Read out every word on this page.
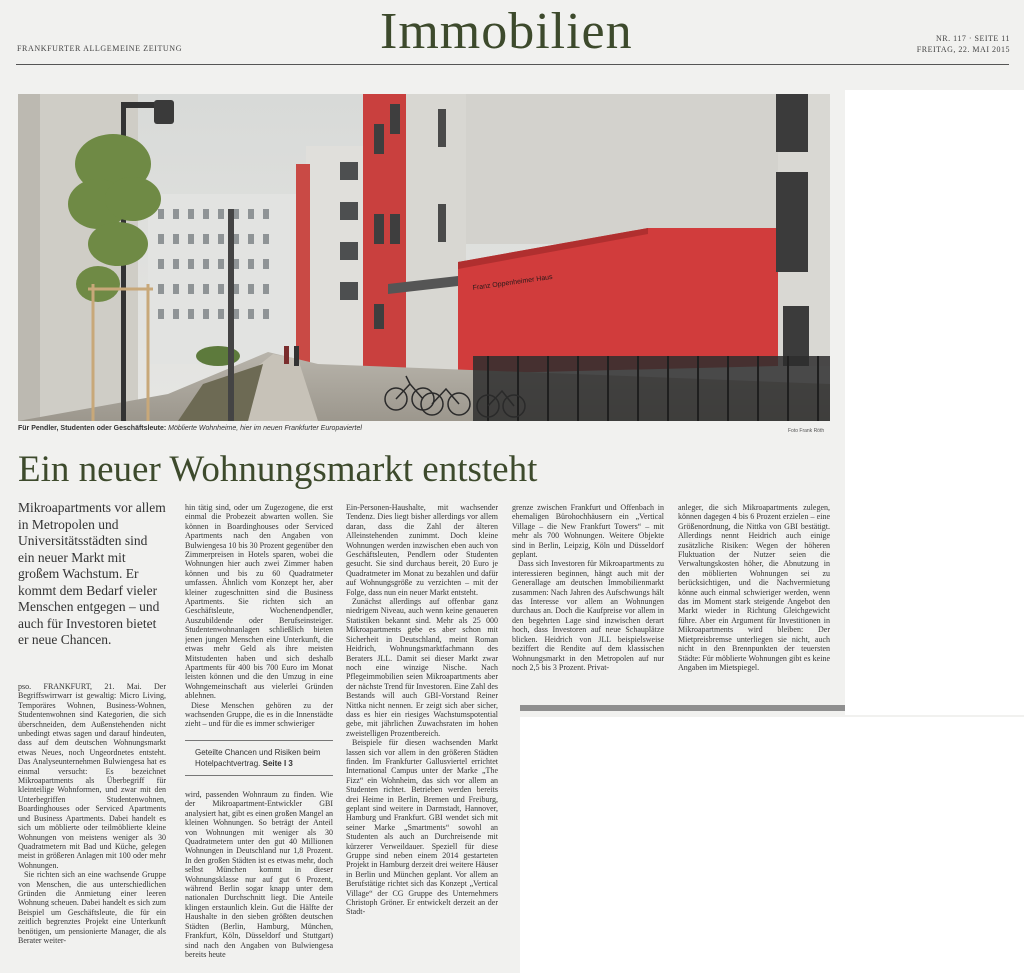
FRANKFURTER ALLGEMEINE ZEITUNG	Immobilien	NR. 117 · SEITE 11
FREITAG, 22. MAI 2015
Franz Oppenheimer Haus
Für Pendler, Studenten oder Geschäftsleute: Möblierte Wohnheime, hier im neuen Frankfurter Europaviertel	Foto Frank Röth
Ein neuer Wohnungsmarkt entsteht
Mikroapartments vor allem in Metropolen und Universitätsstädten sind ein neuer Markt mit großem Wachstum. Er kommt dem Bedarf vieler Menschen entgegen – und auch für Investoren bietet er neue Chancen.

pso. FRANKFURT, 21. Mai. Der Begriffswirrwarr ist gewaltig: Micro Living, Temporäres Wohnen, Business-Wohnen, Studentenwohnen sind Kategorien, die sich überschneiden, dem Außenstehenden nicht unbedingt etwas sagen und darauf hindeuten, dass auf dem deutschen Wohnungsmarkt etwas Neues, noch Ungeordnetes entsteht. Das Analyseunternehmen Bulwiengesa hat es einmal versucht: Es bezeichnet Mikroapartments als Überbegriff für kleinteilige Wohnformen, und zwar mit den Unterbegriffen Studentenwohnen, Boardinghouses oder Serviced Apartments und Business Apartments. Dabei handelt es sich um möblierte oder teilmöblierte kleine Wohnungen von meistens weniger als 30 Quadratmetern mit Bad und Küche, gelegen meist in größeren Anlagen mit 100 oder mehr Wohnungen.

Sie richten sich an eine wachsende Gruppe von Menschen, die aus unterschiedlichen Gründen die Anmietung einer leeren Wohnung scheuen. Dabei handelt es sich zum Beispiel um Geschäftsleute, die für ein zeitlich begrenztes Projekt eine Unterkunft benötigen, um pensionierte Manager, die als Berater weiter-

hin tätig sind, oder um Zugezogene, die erst einmal die Probezeit abwarten wollen. Sie können in Boardinghouses oder Serviced Apartments nach den Angaben von Bulwiengesa 10 bis 30 Prozent gegenüber den Zimmerpreisen in Hotels sparen, wobei die Wohnungen hier auch zwei Zimmer haben können und bis zu 60 Quadratmeter umfassen. Ähnlich vom Konzept her, aber kleiner zugeschnitten sind die Business Apartments. Sie richten sich an Geschäftsleute, Wochenendpendler, Auszubildende oder Berufseinsteiger. Studentenwohnanlagen schließlich bieten jenen jungen Menschen eine Unterkunft, die etwas mehr Geld als ihre meisten Mitstudenten haben und sich deshalb Apartments für 400 bis 700 Euro im Monat leisten können und die den Umzug in eine Wohngemeinschaft aus vielerlei Gründen ablehnen.

Diese Menschen gehören zu der wachsenden Gruppe, die es in die Innenstädte zieht – und für die es immer schwieriger

Geteilte Chancen und Risiken beim Hotelpachtvertrag. Seite I 3

wird, passenden Wohnraum zu finden. Wie der Mikroapartment-Entwickler GBI analysiert hat, gibt es einen großen Mangel an kleinen Wohnungen. So beträgt der Anteil von Wohnungen mit weniger als 30 Quadratmetern unter den gut 40 Millionen Wohnungen in Deutschland nur 1,8 Prozent. In den großen Städten ist es etwas mehr, doch selbst München kommt in dieser Wohnungsklasse nur auf gut 6 Prozent, während Berlin sogar knapp unter dem nationalen Durchschnitt liegt. Die Anteile klingen erstaunlich klein. Gut die Hälfte der Haushalte in den sieben größten deutschen Städten (Berlin, Hamburg, München, Frankfurt, Köln, Düsseldorf und Stuttgart) sind nach den Angaben von Bulwiengesa bereits heute

Ein-Personen-Haushalte, mit wachsender Tendenz. Dies liegt bisher allerdings vor allem daran, dass die Zahl der älteren Alleinstehenden zunimmt. Doch kleine Wohnungen werden inzwischen eben auch von Geschäftsleuten, Pendlern oder Studenten gesucht. Sie sind durchaus bereit, 20 Euro je Quadratmeter im Monat zu bezahlen und dafür auf Wohnungsgröße zu verzichten – mit der Folge, dass nun ein neuer Markt entsteht.

Zunächst allerdings auf offenbar ganz niedrigem Niveau, auch wenn keine genaueren Statistiken bekannt sind. Mehr als 25 000 Mikroapartments gebe es aber schon mit Sicherheit in Deutschland, meint Roman Heidrich, Wohnungsmarktfachmann des Beraters JLL. Damit sei dieser Markt zwar noch eine winzige Nische. Nach Pflegeimmobilien seien Mikroapartments aber der nächste Trend für Investoren. Eine Zahl des Bestands will auch GBI-Vorstand Reiner Nittka nicht nennen. Er zeigt sich aber sicher, dass es hier ein riesiges Wachstumspotential gebe, mit jährlichen Zuwachsraten im hohen zweistelligen Prozentbereich.

Beispiele für diesen wachsenden Markt lassen sich vor allem in den größeren Städten finden. Im Frankfurter Gallusviertel errichtet International Campus unter der Marke „The Fizz“ ein Wohnheim, das sich vor allem an Studenten richtet. Betrieben werden bereits drei Heime in Berlin, Bremen und Freiburg, geplant sind weitere in Darmstadt, Hannover, Hamburg und Frankfurt. GBI wendet sich mit seiner Marke „Smartments“ sowohl an Studenten als auch an Durchreisende mit kürzerer Verweildauer. Speziell für diese Gruppe sind neben einem 2014 gestarteten Projekt in Hamburg derzeit drei weitere Häuser in Berlin und München geplant. Vor allem an Berufstätige richtet sich das Konzept „Vertical Village“ der CG Gruppe des Unternehmers Christoph Gröner. Er entwickelt derzeit an der Stadt-

grenze zwischen Frankfurt und Offenbach in ehemaligen Bürohochhäusern ein „Vertical Village – die New Frankfurt Towers“ – mit mehr als 700 Wohnungen. Weitere Objekte sind in Berlin, Leipzig, Köln und Düsseldorf geplant.

Dass sich Investoren für Mikroapartments zu interessieren beginnen, hängt auch mit der Generallage am deutschen Immobilienmarkt zusammen: Nach Jahren des Aufschwungs hält das Interesse vor allem an Wohnungen durchaus an. Doch die Kaufpreise vor allem in den begehrten Lage sind inzwischen derart hoch, dass Investoren auf neue Schauplätze blicken. Heidrich von JLL beispielsweise beziffert die Rendite auf dem klassischen Wohnungsmarkt in den Metropolen auf nur noch 2,5 bis 3 Prozent. Privat-

anleger, die sich Mikroapartments zulegen, können dagegen 4 bis 6 Prozent erzielen – eine Größenordnung, die Nittka von GBI bestätigt. Allerdings nennt Heidrich auch einige zusätzliche Risiken: Wegen der höheren Fluktuation der Nutzer seien die Verwaltungskosten höher, die Abnutzung in den möblierten Wohnungen sei zu berücksichtigen, und die Nachvermietung könne auch einmal schwieriger werden, wenn das im Moment stark steigende Angebot den Markt wieder in Richtung Gleichgewicht führe. Aber ein Argument für Investitionen in Mikroapartments wird bleiben: Der Mietpreisbremse unterliegen sie nicht, auch nicht in den Brennpunkten der teuersten Städte: Für möblierte Wohnungen gibt es keine Angaben im Mietspiegel.
